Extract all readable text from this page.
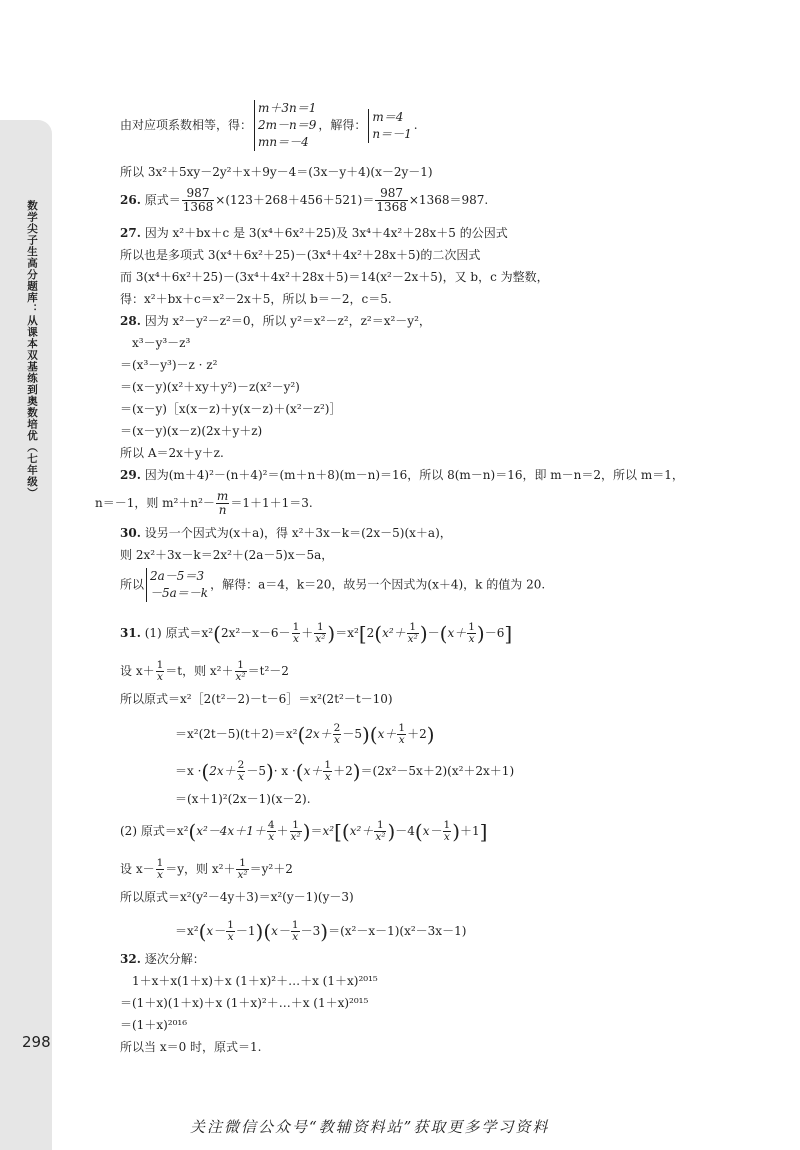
数学尖子生高分题库：从课本双基练到奥数培优（七年级）
298
由对应项系数相等，得：
m＋3n＝1
2m－n＝9
mn＝－4
，解得：
m＝4
n＝－1
.
所以 3x²＋5xy－2y²＋x＋9y－4＝(3x－y＋4)(x－2y－1)
26. 原式＝ $\frac{987}{1368} \times(123+268+456+521)= \frac{987}{1368} \times 1368=987$.
27. 因为 x²＋bx＋c 是 3(x⁴＋6x²＋25)及 3x⁴＋4x²＋28x＋5 的公因式
所以也是多项式 3(x⁴＋6x²＋25)－(3x⁴＋4x²＋28x＋5)的二次因式
而 3(x⁴＋6x²＋25)－(3x⁴＋4x²＋28x＋5)＝14(x²－2x＋5)，又 b，c 为整数，
得：x²＋bx＋c＝x²－2x＋5，所以 b＝－2，c＝5.
28. 因为 x²－y²－z²＝0，所以 y²＝x²－z²，z²＝x²－y²，
x³－y³－z³
＝(x³－y³)－z · z²
＝(x－y)(x²＋xy＋y²)－z(x²－y²)
＝(x－y)［x(x－z)＋y(x－z)＋(x²－z²)］
＝(x－y)(x－z)(2x＋y＋z)
所以 A＝2x＋y＋z.
29. 因为(m＋4)²－(n＋4)²＝(m＋n＋8)(m－n)＝16，所以 8(m－n)＝16，即 m－n＝2，所以 m＝1，
n＝－1，则 $m^2+n^2- \frac{m}{n} =1+1+1=3$.
30. 设另一个因式为(x＋a)，得 x²＋3x－k＝(2x－5)(x＋a)，
则 2x²＋3x－k＝2x²＋(2a－5)x－5a，
所以
2a－5＝3
－5a＝－k
，解得：a＝4，k＝20，故另一个因式为(x＋4)，k 的值为 20.
31. (1) 原式$=x^2(2x^2-x-6- \frac{1}{x} + \frac{1}{\text{x²}} )=x^2[2(x^2+ \frac{1}{\text{x²}} )-(x+ \frac{1}{x} )-6]$
设 $x+ \frac{1}{x} =t$，则 $x^2+ \frac{1}{\text{x²}} =t^2-2$
所以原式＝x²［2(t²－2)－t－6］＝x²(2t²－t－10)
$=x^2(2t-5)(t+2)=x^2(2x+ \frac{2}{x} -5)(x+ \frac{1}{x} +2)$
$=x \cdot(2x+ \frac{2}{x} -5)\cdot x \cdot(x+ \frac{1}{x} +2)=(2x^2-5x+2)(x^2+2x+1)$
＝(x＋1)²(2x－1)(x－2).
(2) 原式$=x^2(x^2-4x+1+ \frac{4}{x} + \frac{1}{\text{x²}} )=x^2[(x^2+ \frac{1}{\text{x²}} )-4(x- \frac{1}{x} )+1]$
设 $x- \frac{1}{x} =y$，则 $x^2+ \frac{1}{\text{x²}} =y^2+2$
所以原式＝x²(y²－4y＋3)＝x²(y－1)(y－3)
$=x^2(x- \frac{1}{x} -1)(x- \frac{1}{x} -3)=(x^2-x-1)(x^2-3x-1)$
32. 逐次分解：
1＋x＋x(1＋x)＋x (1＋x)²＋…＋x (1＋x)²⁰¹⁵
＝(1＋x)(1＋x)＋x (1＋x)²＋…＋x (1＋x)²⁰¹⁵
＝(1＋x)²⁰¹⁶
所以当 x＝0 时，原式＝1.
关注微信公众号“教辅资料站”获取更多学习资料
